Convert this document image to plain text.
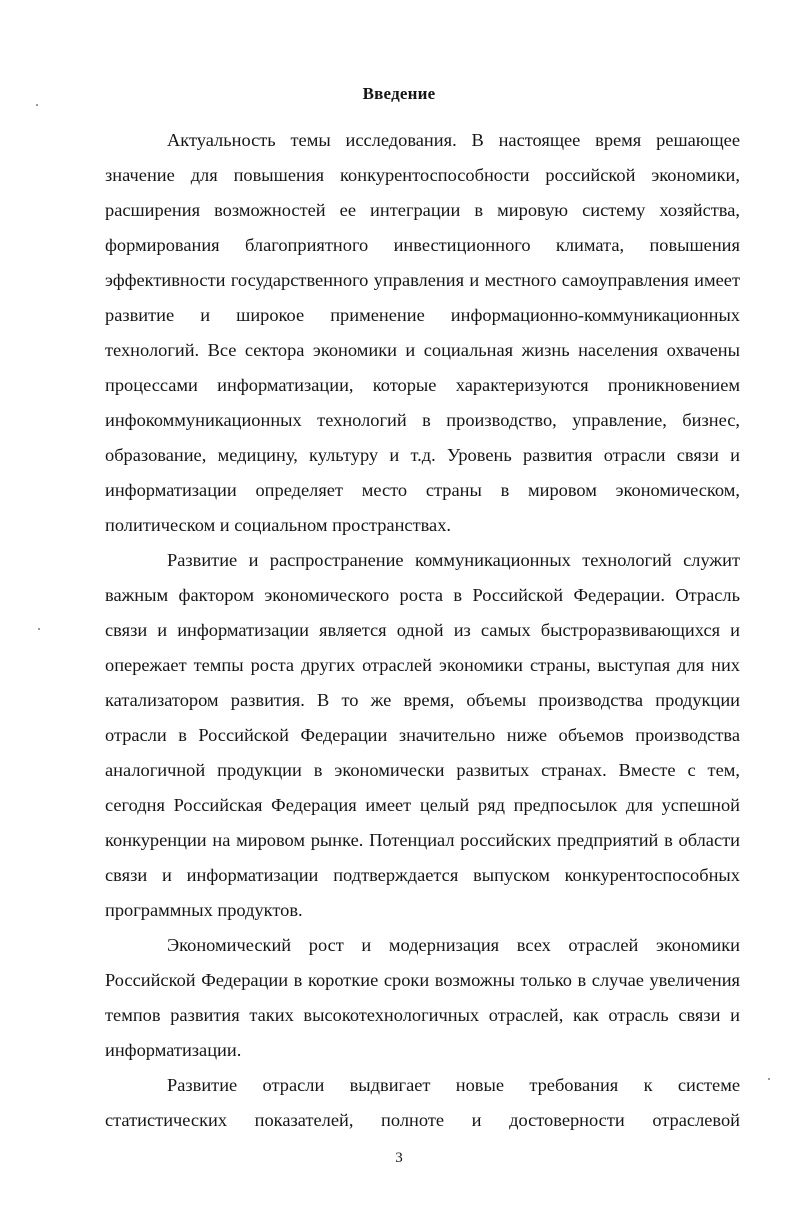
Введение

Актуальность темы исследования. В настоящее время решающее значение для повышения конкурентоспособности российской экономики, расширения возможностей ее интеграции в мировую систему хозяйства, формирования благоприятного инвестиционного климата, повышения эффективности государственного управления и местного самоуправления имеет развитие и широкое применение информационно-коммуникационных технологий. Все сектора экономики и социальная жизнь населения охвачены процессами информатизации, которые характеризуются проникновением инфокоммуникационных технологий в производство, управление, бизнес, образование, медицину, культуру и т.д. Уровень развития отрасли связи и информатизации определяет место страны в мировом экономическом, политическом и социальном пространствах.

Развитие и распространение коммуникационных технологий служит важным фактором экономического роста в Российской Федерации. Отрасль связи и информатизации является одной из самых быстроразвивающихся и опережает темпы роста других отраслей экономики страны, выступая для них катализатором развития. В то же время, объемы производства продукции отрасли в Российской Федерации значительно ниже объемов производства аналогичной продукции в экономически развитых странах. Вместе с тем, сегодня Российская Федерация имеет целый ряд предпосылок для успешной конкуренции на мировом рынке. Потенциал российских предприятий в области связи и информатизации подтверждается выпуском конкурентоспособных программных продуктов.

Экономический рост и модернизация всех отраслей экономики Российской Федерации в короткие сроки возможны только в случае увеличения темпов развития таких высокотехнологичных отраслей, как отрасль связи и информатизации.

Развитие отрасли выдвигает новые требования к системе статистических показателей, полноте и достоверности отраслевой

3
